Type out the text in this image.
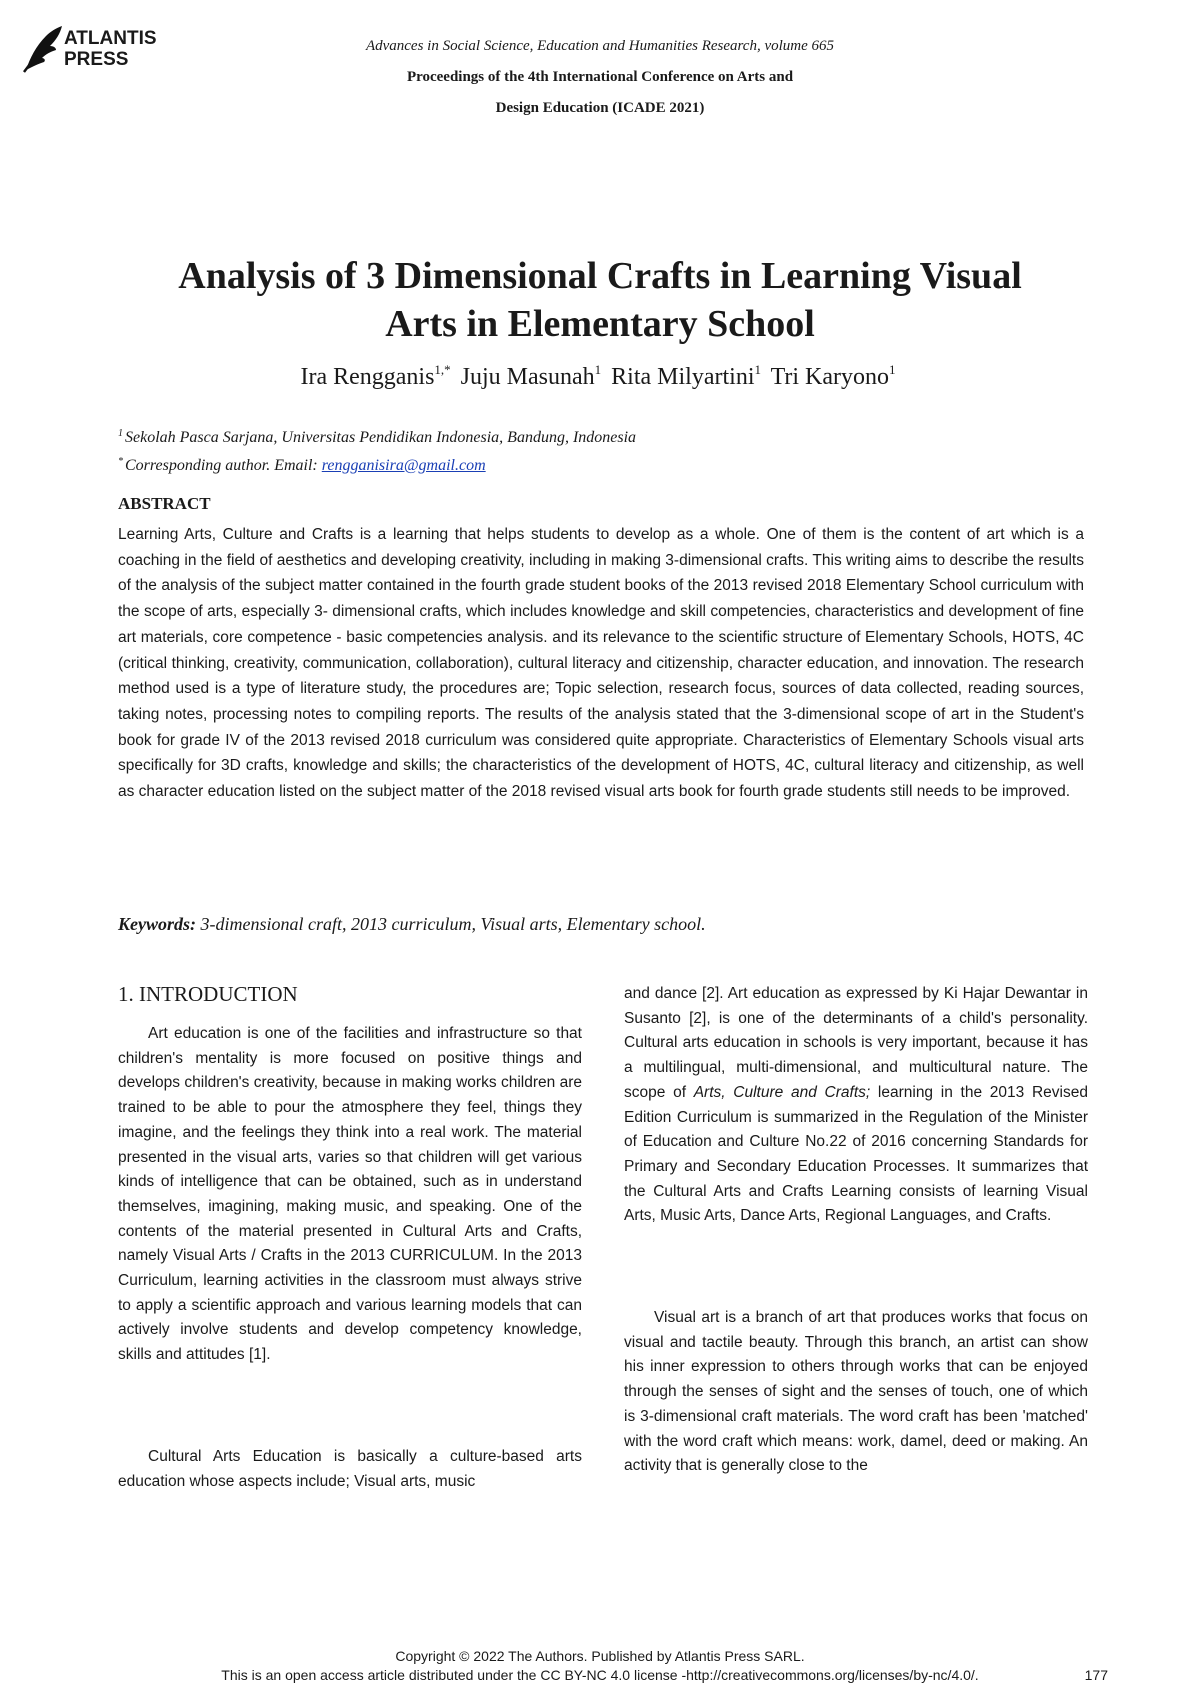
ATLANTIS
PRESS
Advances in Social Science, Education and Humanities Research, volume 665
Proceedings of the 4th International Conference on Arts and
Design Education (ICADE 2021)
Analysis of 3 Dimensional Crafts in Learning Visual
Arts in Elementary School
Ira Rengganis$^{1,*}$ Juju Masunah$^1$ Rita Milyartini$^1$ Tri Karyono$^1$
$^1$ Sekolah Pasca Sarjana, Universitas Pendidikan Indonesia, Bandung, Indonesia
* Corresponding author. Email: rengganisira@gmail.com
ABSTRACT

Learning Arts, Culture and Crafts is a learning that helps students to develop as a whole. One of them is the content of art which is a coaching in the field of aesthetics and developing creativity, including in making 3-dimensional crafts. This writing aims to describe the results of the analysis of the subject matter contained in the fourth grade student books of the 2013 revised 2018 Elementary School curriculum with the scope of arts, especially 3- dimensional crafts, which includes knowledge and skill competencies, characteristics and development of fine art materials, core competence - basic competencies analysis. and its relevance to the scientific structure of Elementary Schools, HOTS, 4C (critical thinking, creativity, communication, collaboration), cultural literacy and citizenship, character education, and innovation. The research method used is a type of literature study, the procedures are; Topic selection, research focus, sources of data collected, reading sources, taking notes, processing notes to compiling reports. The results of the analysis stated that the 3-dimensional scope of art in the Student's book for grade IV of the 2013 revised 2018 curriculum was considered quite appropriate. Characteristics of Elementary Schools visual arts specifically for 3D crafts, knowledge and skills; the characteristics of the development of HOTS, 4C, cultural literacy and citizenship, as well as character education listed on the subject matter of the 2018 revised visual arts book for fourth grade students still needs to be improved.

Keywords: 3-dimensional craft, 2013 curriculum, Visual arts, Elementary school.
1. INTRODUCTION

Art education is one of the facilities and infrastructure so that children's mentality is more focused on positive things and develops children's creativity, because in making works children are trained to be able to pour the atmosphere they feel, things they imagine, and the feelings they think into a real work. The material presented in the visual arts, varies so that children will get various kinds of intelligence that can be obtained, such as in understand themselves, imagining, making music, and speaking. One of the contents of the material presented in Cultural Arts and Crafts, namely Visual Arts / Crafts in the 2013 CURRICULUM. In the 2013 Curriculum, learning activities in the classroom must always strive to apply a scientific approach and various learning models that can actively involve students and develop competency knowledge, skills and attitudes [1].

Cultural Arts Education is basically a culture-based arts education whose aspects include; Visual arts, music

and dance [2]. Art education as expressed by Ki Hajar Dewantar in Susanto [2], is one of the determinants of a child's personality. Cultural arts education in schools is very important, because it has a multilingual, multi-dimensional, and multicultural nature. The scope of Arts, Culture and Crafts; learning in the 2013 Revised Edition Curriculum is summarized in the Regulation of the Minister of Education and Culture No.22 of 2016 concerning Standards for Primary and Secondary Education Processes. It summarizes that the Cultural Arts and Crafts Learning consists of learning Visual Arts, Music Arts, Dance Arts, Regional Languages, and Crafts.

Visual art is a branch of art that produces works that focus on visual and tactile beauty. Through this branch, an artist can show his inner expression to others through works that can be enjoyed through the senses of sight and the senses of touch, one of which is 3-dimensional craft materials. The word craft has been 'matched' with the word craft which means: work, damel, deed or making. An activity that is generally close to the

Copyright © 2022 The Authors. Published by Atlantis Press SARL.
This is an open access article distributed under the CC BY-NC 4.0 license -http://creativecommons.org/licenses/by-nc/4.0/.	177
